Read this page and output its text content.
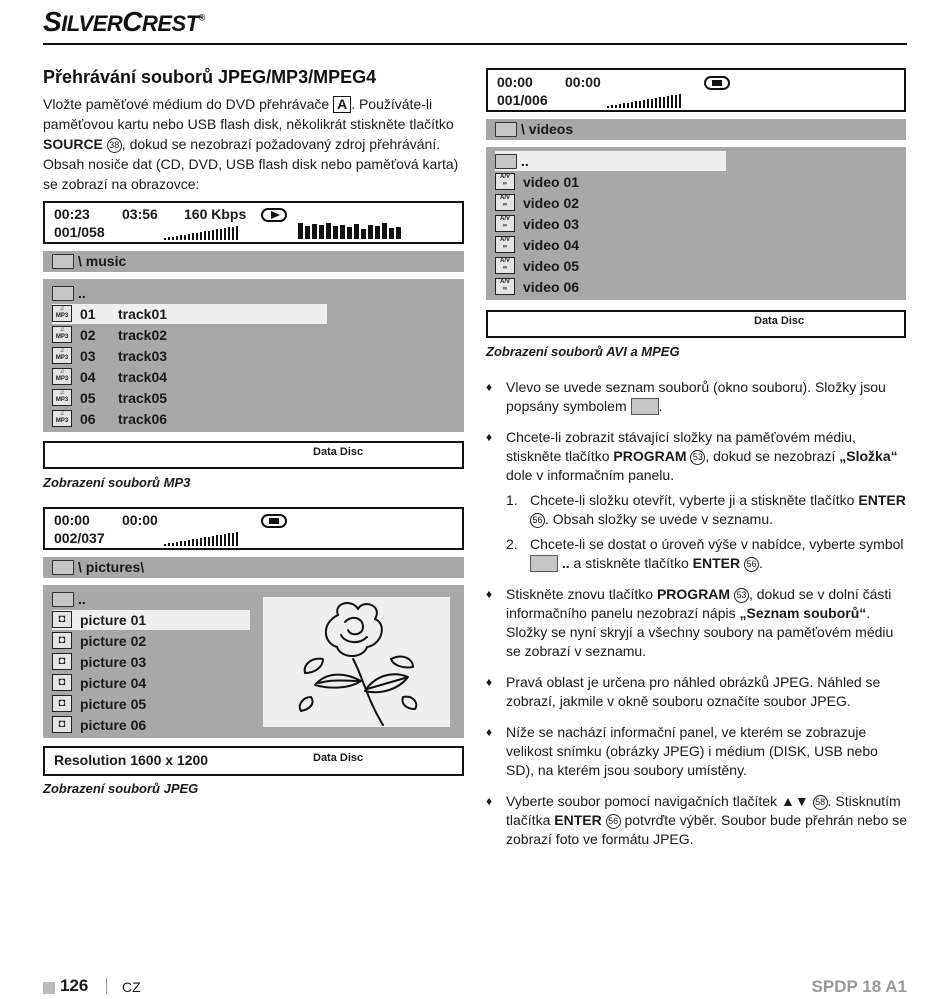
SILVERCREST®
Přehrávání souborů JPEG/MP3/MPEG4
Vložte paměťové médium do DVD přehrávače A . Používáte-li paměťovou kartu nebo USB flash disk, několikrát stiskněte tlačítko SOURCE 38 , dokud se nezobrazí požadovaný zdroj přehrávání. Obsah nosiče dat (CD, DVD, USB flash disk nebo paměťová karta) se zobrazí na obrazovce:
00:23 03:56 160 Kbps
001/058
\ music
..
♫
MP3 01 track01
♫
MP3 02 track02
♫
MP3 03 track03
♫
MP3 04 track04
♫
MP3 05 track05
♫
MP3 06 track06
Data Disc
Zobrazení souborů MP3
00:00 00:00
002/037
\ pictures\
..
◘ picture 01
◘ picture 02
◘ picture 03
◘ picture 04
◘ picture 05
◘ picture 06
Resolution 1600 x 1200	Data Disc
Zobrazení souborů JPEG
00:00 00:00
001/006
\ videos
..
A/V
∞ video 01
A/V
∞ video 02
A/V
∞ video 03
A/V
∞ video 04
A/V
∞ video 05
A/V
∞ video 06
Data Disc
Zobrazení souborů AVI a MPEG
♦ Vlevo se uvede seznam souborů (okno souboru). Složky jsou popsány symbolem .
♦ Chcete-li zobrazit stávající složky na paměťovém médiu, stiskněte tlačítko PROGRAM 53 , dokud se nezobrazí „Složka“ dole v informačním panelu.
1. Chcete-li složku otevřít, vyberte ji a stiskněte tlačítko ENTER 56 . Obsah složky se uvede v seznamu.
2. Chcete-li se dostat o úroveň výše v nabídce, vyberte symbol
.. a stiskněte tlačítko ENTER 56 .
♦ Stiskněte znovu tlačítko PROGRAM 53 , dokud se v dolní části informačního panelu nezobrazí nápis „Seznam souborů“. Složky se nyní skryjí a všechny soubory na paměťovém médiu se zobrazí v seznamu.
♦ Pravá oblast je určena pro náhled obrázků JPEG. Náhled se zobrazí, jakmile v okně souboru označíte soubor JPEG.
♦ Níže se nachází informační panel, ve kterém se zobrazuje velikost snímku (obrázky JPEG) i médium (DISK, USB nebo SD), na kterém jsou soubory umístěny.
♦ Vyberte soubor pomocí navigačních tlačítek ▲▼ 58 . Stisknutím tlačítka ENTER 56 potvrďte výběr. Soubor bude přehrán nebo se zobrazí foto ve formátu JPEG.
126 CZ	SPDP 18 A1
